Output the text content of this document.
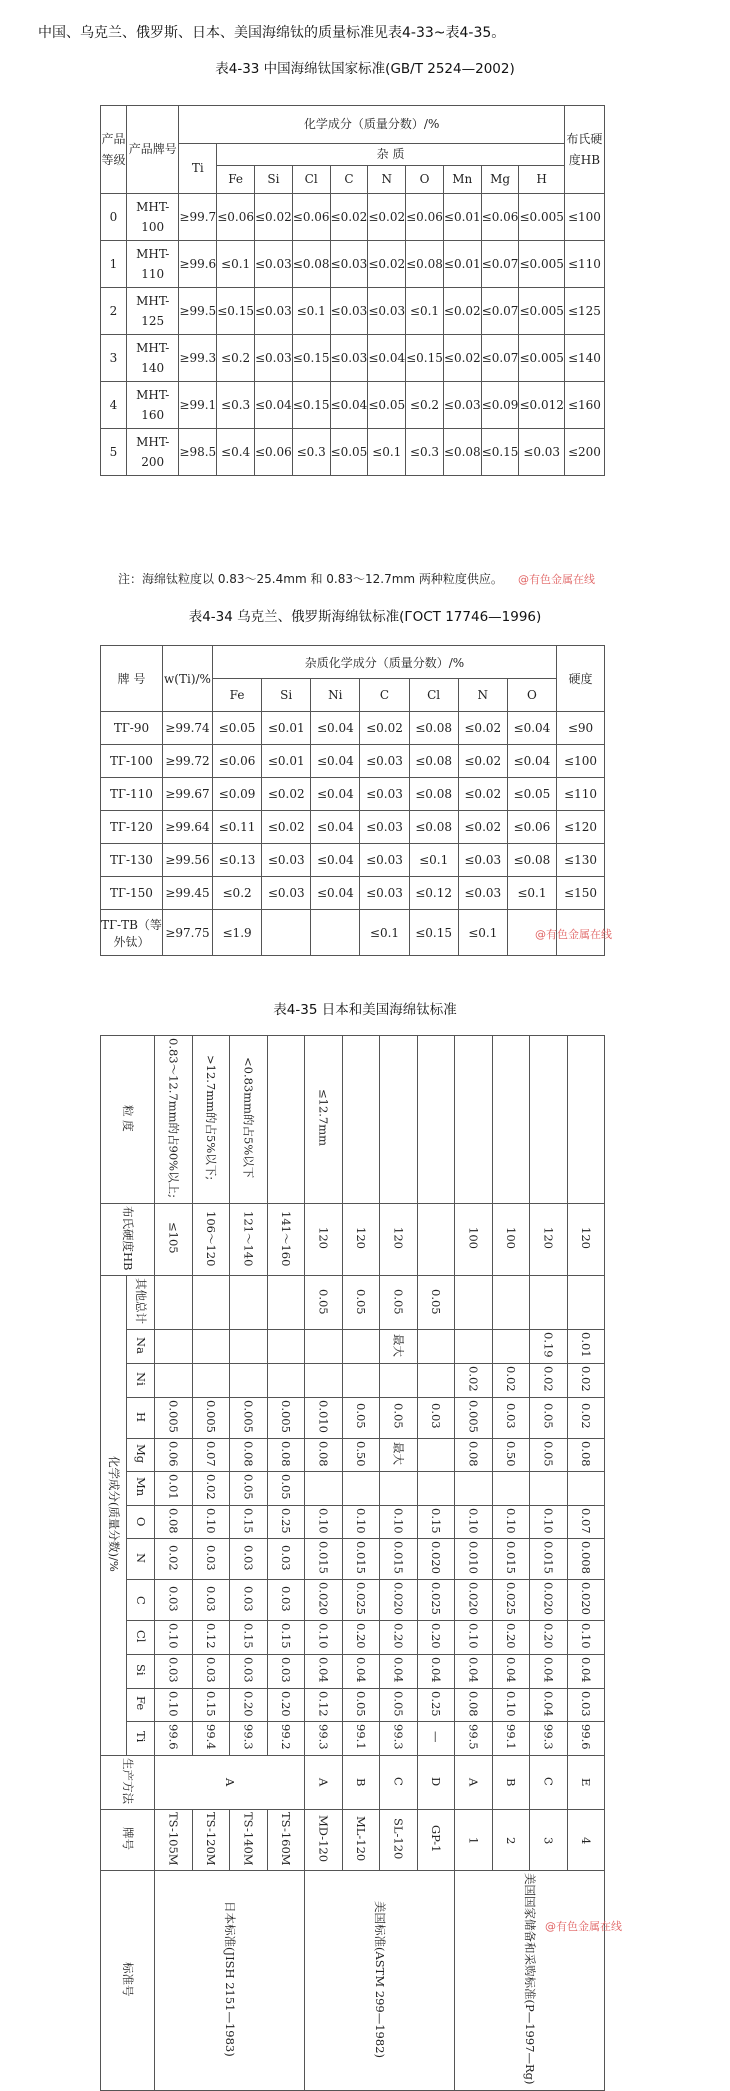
中国、乌克兰、俄罗斯、日本、美国海绵钛的质量标准见表4-33~表4-35。
表4-33 中国海绵钛国家标准(GB/T 2524—2002)
产品等级	产品牌号	化学成分（质量分数）/%										布氏硬度HB
		Ti	杂 质									
			Fe	Si	Cl	C	N	O	Mn	Mg	H	
0	MHT-100	≥99.7	≤0.06	≤0.02	≤0.06	≤0.02	≤0.02	≤0.06	≤0.01	≤0.06	≤0.005	≤100
1	MHT-110	≥99.6	≤0.1	≤0.03	≤0.08	≤0.03	≤0.02	≤0.08	≤0.01	≤0.07	≤0.005	≤110
2	MHT-125	≥99.5	≤0.15	≤0.03	≤0.1	≤0.03	≤0.03	≤0.1	≤0.02	≤0.07	≤0.005	≤125
3	MHT-140	≥99.3	≤0.2	≤0.03	≤0.15	≤0.03	≤0.04	≤0.15	≤0.02	≤0.07	≤0.005	≤140
4	MHT-160	≥99.1	≤0.3	≤0.04	≤0.15	≤0.04	≤0.05	≤0.2	≤0.03	≤0.09	≤0.012	≤160
5	MHT-200	≥98.5	≤0.4	≤0.06	≤0.3	≤0.05	≤0.1	≤0.3	≤0.08	≤0.15	≤0.03	≤200
注：海绵钛粒度以 0.83～25.4mm 和 0.83～12.7mm 两种粒度供应。 @有色金属在线
表4-34 乌克兰、俄罗斯海绵钛标准(ГОСТ 17746—1996)
牌 号	w(Ti)/%	杂质化学成分（质量分数）/%							硬度
		Fe	Si	Ni	C	Cl	N	O	
TГ-90	≥99.74	≤0.05	≤0.01	≤0.04	≤0.02	≤0.08	≤0.02	≤0.04	≤90
TГ-100	≥99.72	≤0.06	≤0.01	≤0.04	≤0.03	≤0.08	≤0.02	≤0.04	≤100
TГ-110	≥99.67	≤0.09	≤0.02	≤0.04	≤0.03	≤0.08	≤0.02	≤0.05	≤110
TГ-120	≥99.64	≤0.11	≤0.02	≤0.04	≤0.03	≤0.08	≤0.02	≤0.06	≤120
TГ-130	≥99.56	≤0.13	≤0.03	≤0.04	≤0.03	≤0.1	≤0.03	≤0.08	≤130
TГ-150	≥99.45	≤0.2	≤0.03	≤0.04	≤0.03	≤0.12	≤0.03	≤0.1	≤150
TГ-TB（等外钛）	≥97.75	≤1.9			≤0.1	≤0.15	≤0.1			@有色金属在线
表4-35 日本和美国海绵钛标准
粒 度		0.83～12.7mm的占90%以上;	>12.7mm的占5%以下;	<0.83mm的占5%以下		≤12.7mm							
布氏硬度HB		≤105	106～120	121～140	141～160	120	120	120		100	100	120	120
化学成分(质量分数)/%	其他总计					0.05	0.05	0.05	0.05				
	Na							最大				0.19	0.01
	Ni									0.02	0.02	0.02	0.02
	H	0.005	0.005	0.005	0.005	0.010	0.05	0.05	0.03	0.005	0.03	0.05	0.02
	Mg	0.06	0.07	0.08	0.08	0.08	0.50	最大		0.08	0.50	0.05	0.08
	Mn	0.01	0.02	0.05	0.05								
	O	0.08	0.10	0.15	0.25	0.10	0.10	0.10	0.15	0.10	0.10	0.10	0.07
	N	0.02	0.03	0.03	0.03	0.015	0.015	0.015	0.020	0.010	0.015	0.015	0.008
	C	0.03	0.03	0.03	0.03	0.020	0.025	0.020	0.025	0.020	0.025	0.020	0.020
	Cl	0.10	0.12	0.15	0.15	0.10	0.20	0.20	0.20	0.10	0.20	0.20	0.10
	Si	0.03	0.03	0.03	0.03	0.04	0.04	0.04	0.04	0.04	0.04	0.04	0.04
	Fe	0.10	0.15	0.20	0.20	0.12	0.05	0.05	0.25	0.08	0.10	0.04	0.03
	Ti	99.6	99.4	99.3	99.2	99.3	99.1	99.3	—	99.5	99.1	99.3	99.6
生产方法		A				A	B	C	D	A	B	C	E
牌号		TS-105M	TS-120M	TS-140M	TS-160M	MD-120	ML-120	SL-120	GP-1	1	2	3	4
标准号		日本标准(JISH 2151—1983)				美国标准(ASTM 299—1982)				美国国家储备和采购标准(P—1997—Rg)			@有色金属在线
